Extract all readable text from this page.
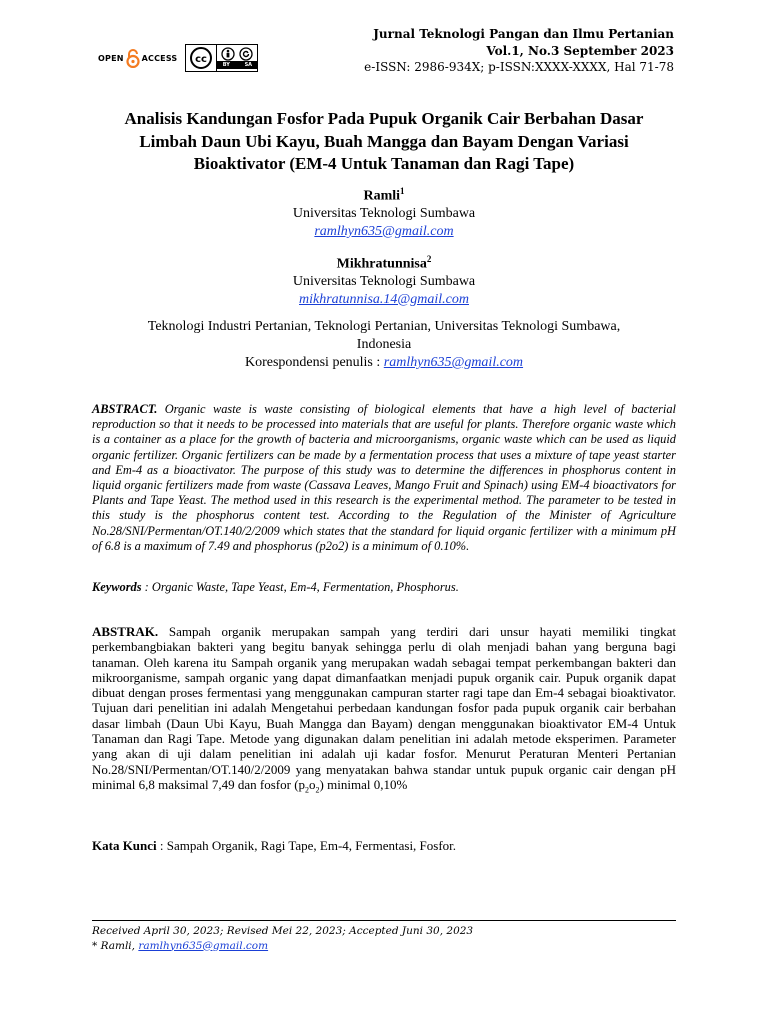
OPEN ACCESS cc	BY	SA
Jurnal Teknologi Pangan dan Ilmu Pertanian
Vol.1, No.3 September 2023
e-ISSN: 2986-934X; p-ISSN:XXXX-XXXX, Hal 71-78
Analisis Kandungan Fosfor Pada Pupuk Organik Cair Berbahan Dasar Limbah Daun Ubi Kayu, Buah Mangga dan Bayam Dengan Variasi Bioaktivator (EM-4 Untuk Tanaman dan Ragi Tape)
Ramli$^1$
Universitas Teknologi Sumbawa
ramlhyn635@gmail.com
Mikhratunnisa$^2$
Universitas Teknologi Sumbawa
mikhratunnisa.14@gmail.com
Teknologi Industri Pertanian, Teknologi Pertanian, Universitas Teknologi Sumbawa,
Indonesia
Korespondensi penulis : ramlhyn635@gmail.com
ABSTRACT. Organic waste is waste consisting of biological elements that have a high level of bacterial reproduction so that it needs to be processed into materials that are useful for plants. Therefore organic waste which is a container as a place for the growth of bacteria and microorganisms, organic waste which can be used as liquid organic fertilizer. Organic fertilizers can be made by a fermentation process that uses a mixture of tape yeast starter and Em-4 as a bioactivator. The purpose of this study was to determine the differences in phosphorus content in liquid organic fertilizers made from waste (Cassava Leaves, Mango Fruit and Spinach) using EM-4 bioactivators for Plants and Tape Yeast. The method used in this research is the experimental method. The parameter to be tested in this study is the phosphorus content test. According to the Regulation of the Minister of Agriculture No.28/SNI/Permentan/OT.140/2/2009 which states that the standard for liquid organic fertilizer with a minimum pH of 6.8 is a maximum of 7.49 and phosphorus (p2o2) is a minimum of 0.10%.
Keywords : Organic Waste, Tape Yeast, Em-4, Fermentation, Phosphorus.
ABSTRAK. Sampah organik merupakan sampah yang terdiri dari unsur hayati memiliki tingkat perkembangbiakan bakteri yang begitu banyak sehingga perlu di olah menjadi bahan yang berguna bagi tanaman. Oleh karena itu Sampah organik yang merupakan wadah sebagai tempat perkembangan bakteri dan mikroorganisme, sampah organic yang dapat dimanfaatkan menjadi pupuk organik cair. Pupuk organik dapat dibuat dengan proses fermentasi yang menggunakan campuran starter ragi tape dan Em-4 sebagai bioaktivator. Tujuan dari penelitian ini adalah Mengetahui perbedaan kandungan fosfor pada pupuk organik cair berbahan dasar limbah (Daun Ubi Kayu, Buah Mangga dan Bayam) dengan menggunakan bioaktivator EM-4 Untuk Tanaman dan Ragi Tape. Metode yang digunakan dalam penelitian ini adalah metode eksperimen. Parameter yang akan di uji dalam penelitian ini adalah uji kadar fosfor. Menurut Peraturan Menteri Pertanian No.28/SNI/Permentan/OT.140/2/2009 yang menyatakan bahwa standar untuk pupuk organic cair dengan pH minimal 6,8 maksimal 7,49 dan fosfor $(p_2o_2)$ minimal 0,10%
Kata Kunci : Sampah Organik, Ragi Tape, Em-4, Fermentasi, Fosfor.
Received April 30, 2023; Revised Mei 22, 2023; Accepted Juni 30, 2023
* Ramli, ramlhyn635@gmail.com
